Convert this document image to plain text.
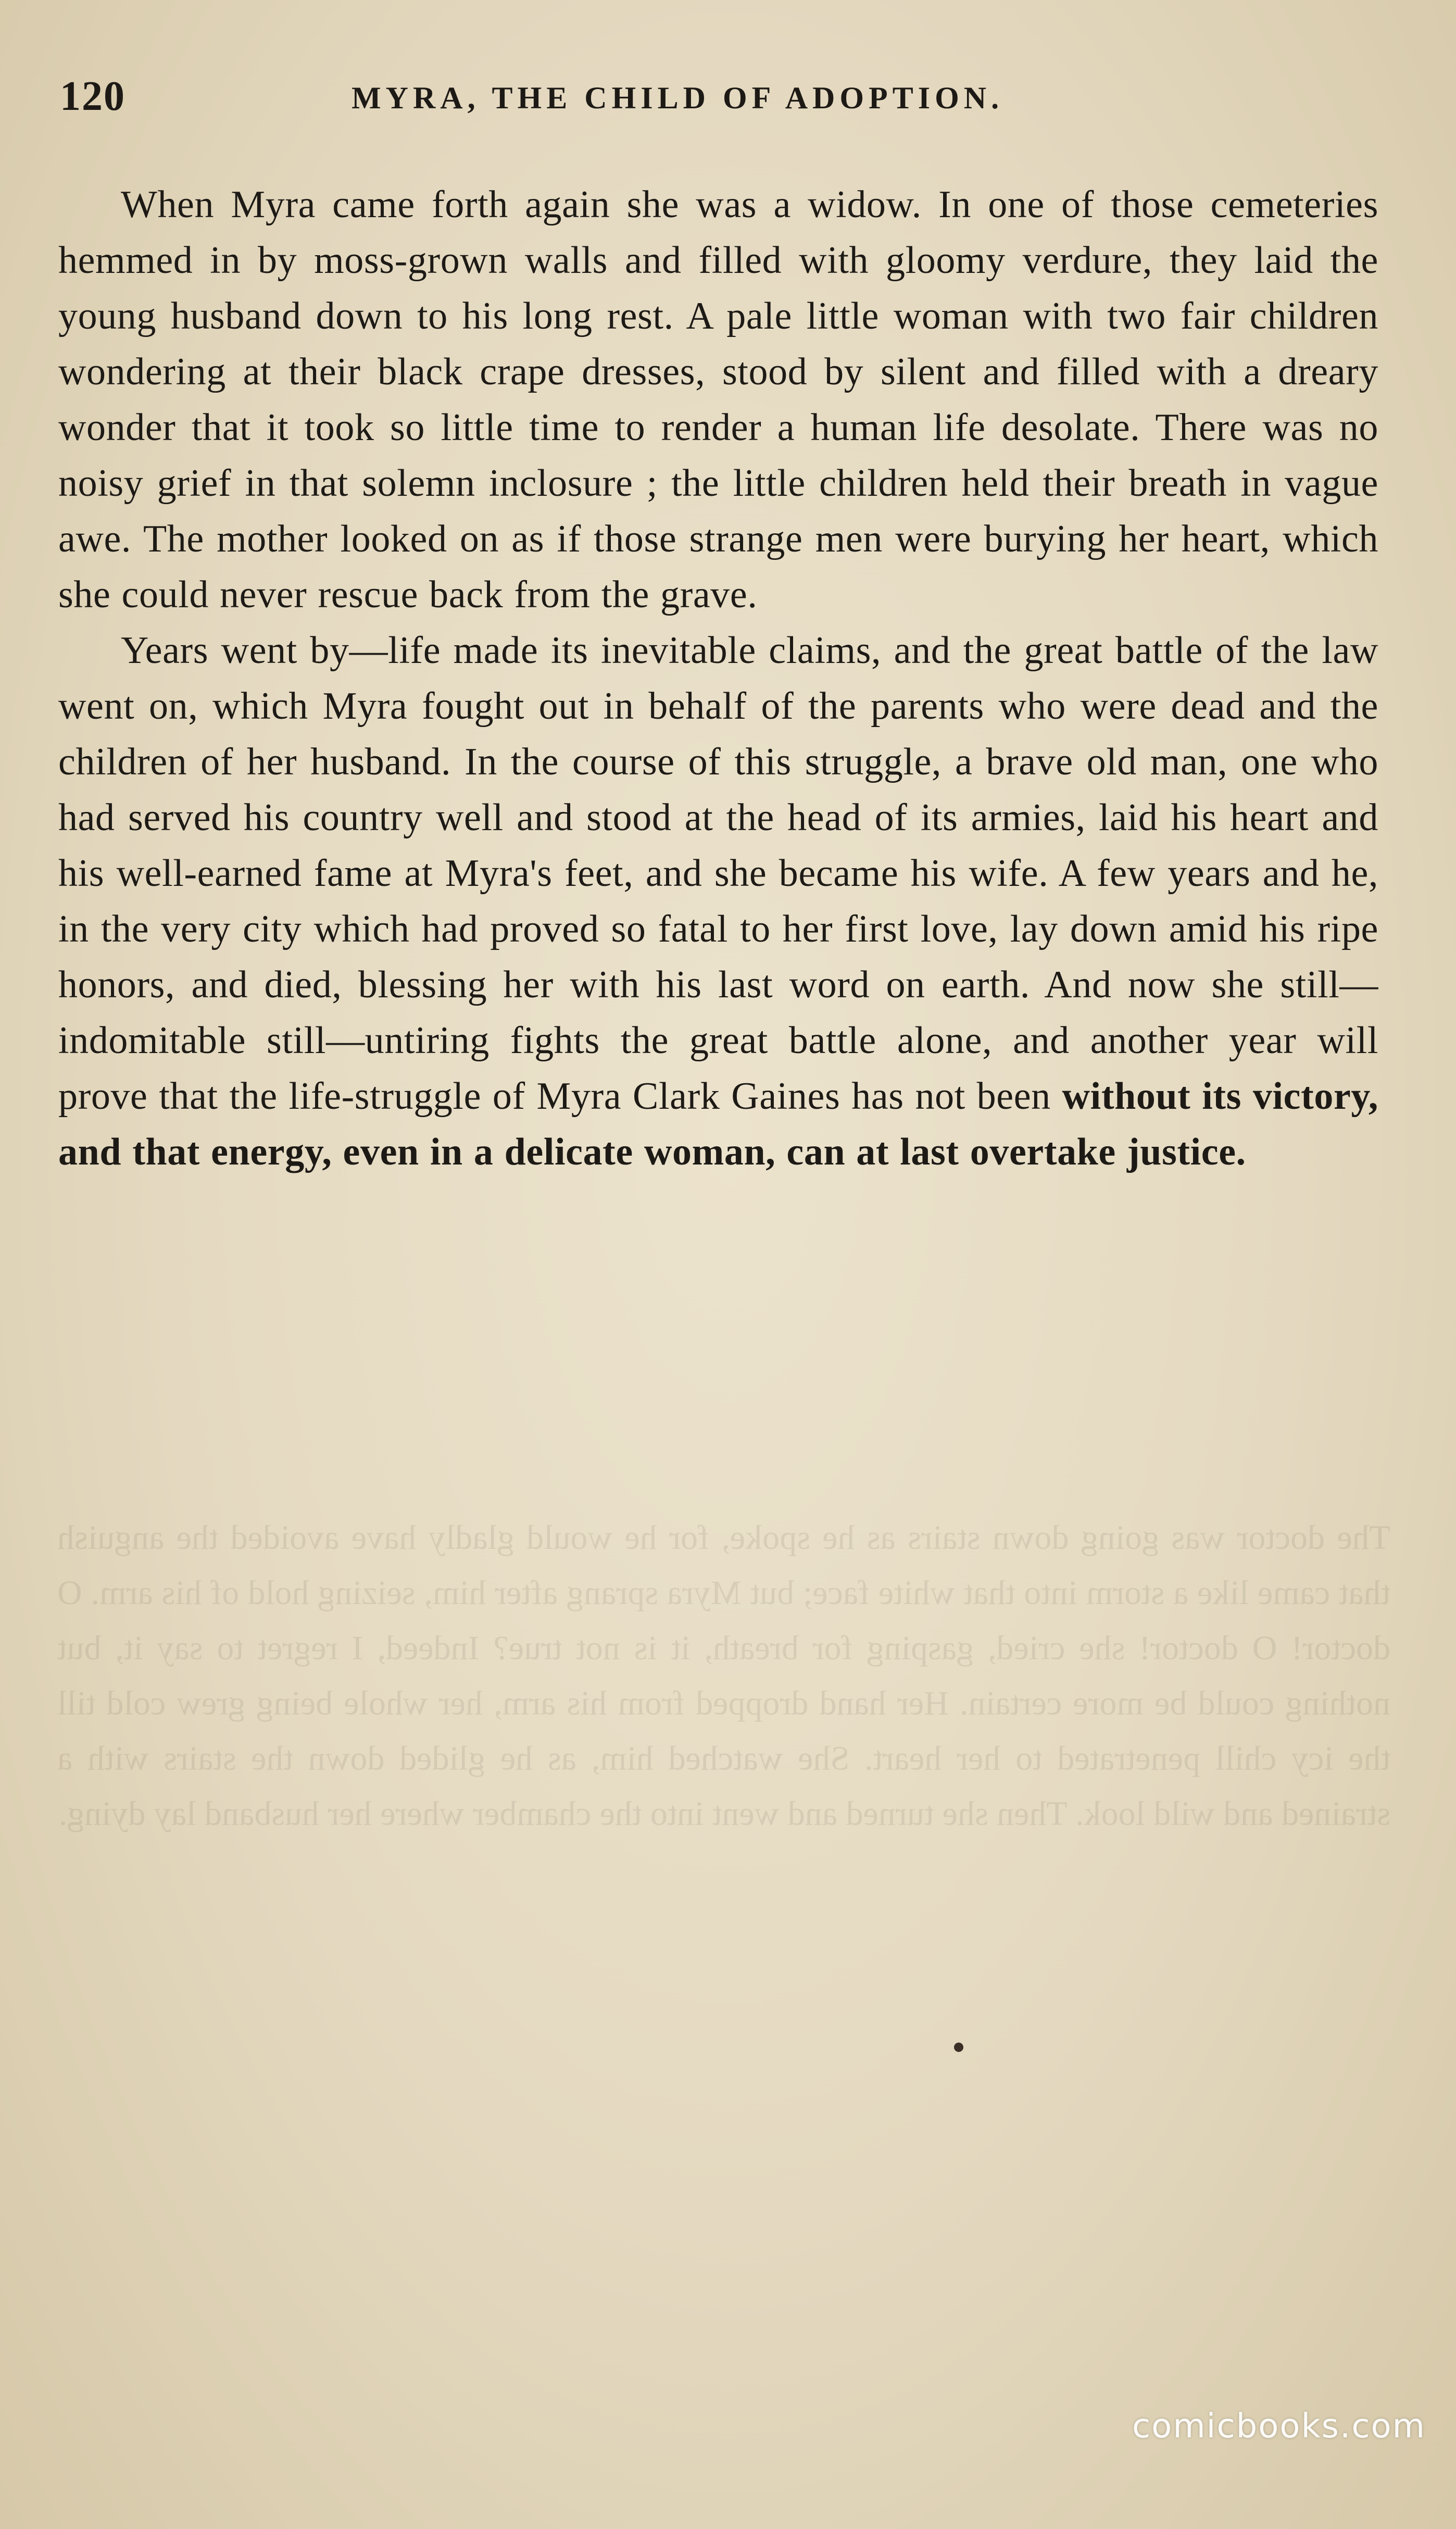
The doctor was going down stairs as he spoke, for he would gladly have avoided the anguish that came like a storm into that white face; but Myra sprang after him, seizing hold of his arm. O doctor! O doctor! she cried, gasping for breath, it is not true? Indeed, I regret to say it, but nothing could be more certain. Her hand dropped from his arm, her whole being grew cold till the icy chill penetrated to her heart. She watched him, as he glided down the stairs with a strained and wild look. Then she turned and went into the chamber where her husband lay dying.

120	MYRA, THE CHILD OF ADOPTION.

When Myra came forth again she was a widow. In one of those cemeteries hemmed in by moss-grown walls and filled with gloomy verdure, they laid the young husband down to his long rest. A pale little woman with two fair children wondering at their black crape dresses, stood by silent and filled with a dreary wonder that it took so little time to render a human life desolate. There was no noisy grief in that solemn inclosure ; the little children held their breath in vague awe. The mother looked on as if those strange men were burying her heart, which she could never rescue back from the grave.

Years went by—life made its inevitable claims, and the great battle of the law went on, which Myra fought out in behalf of the parents who were dead and the children of her husband. In the course of this struggle, a brave old man, one who had served his country well and stood at the head of its armies, laid his heart and his well-earned fame at Myra's feet, and she became his wife. A few years and he, in the very city which had proved so fatal to her first love, lay down amid his ripe honors, and died, blessing her with his last word on earth. And now she still—indomitable still—untiring fights the great battle alone, and another year will prove that the life-struggle of Myra Clark Gaines has not been without its victory, and that energy, even in a delicate woman, can at last overtake justice.

comicbooks.com
